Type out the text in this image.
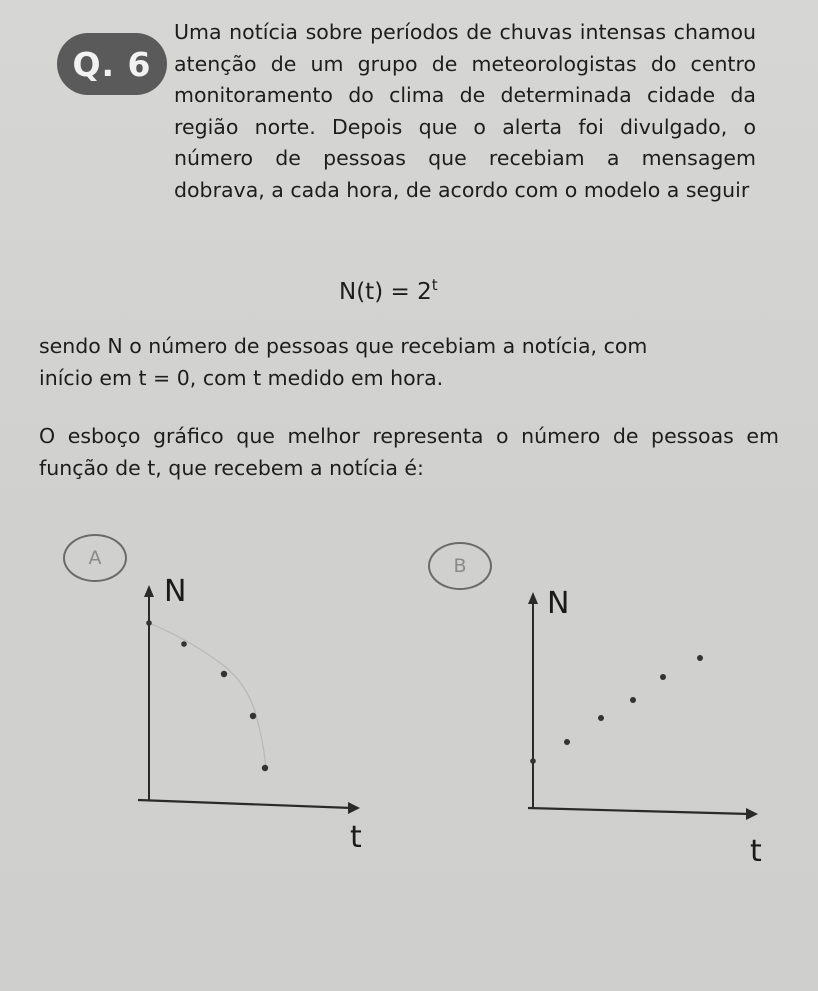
Q. 6
Uma notícia sobre períodos de chuvas intensas chamou atenção de um grupo de meteorologistas do centro monitoramento do clima de determinada cidade da região norte. Depois que o alerta foi divulgado, o número de pessoas que recebiam a mensagem dobrava, a cada hora, de acordo com o modelo a seguir
$N(t) = 2^t$
sendo N o número de pessoas que recebiam a notícia, com
início em t = 0, com t medido em hora.
O esboço gráfico que melhor representa o número de pessoas em função de t, que recebem a notícia é:
A
N
t
B
N
t
